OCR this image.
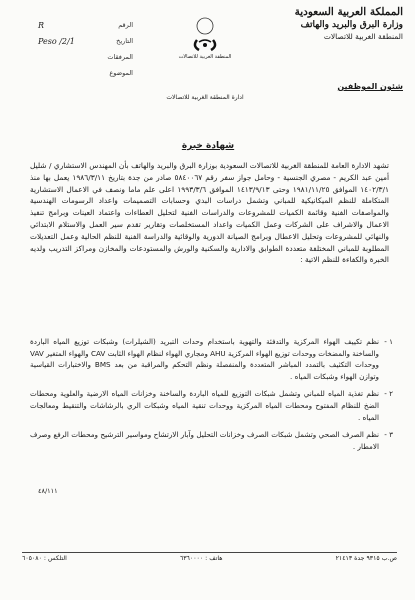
المملكة العربية السعودية
وزارة البرق والبريد والهاتف
المنطقة الغربية للاتصالات
شئون الموظفين
المنطقة الغربية للاتصالات
الرقم
R
التاريخ
Peso /2/1
المرفقات
الموضوع
ادارة المنطقة الغربية للاتصالات
شهادة خبرة

تشهد الادارة العامة للمنطقة الغربية للاتصالات السعودية بوزارة البرق والبريد والهاتف بأن المهندس الاستشاري / شليل أمين عبد الكريم - مصري الجنسية - وحامل جواز سفر رقم ٥٨٤٠٠٦٧ صادر من جدة بتاريخ ١٩٨٦/٣/١١ يعمل بها منذ ١٤٠٢/٣/١ الموافق ١٩٨١/١١/٢٥ وحتى ١٤١٣/٩/١٣ الموافق ١٩٩٣/٣/٦ اعلى علم ماما ونصف في الاعمال الاستشارية المتكاملة للنظم الميكانيكية للمباني وتشمل دراسات البدي وحسابات التصميمات واعداد الرسومات الهندسية والمواصفات الفنية وقائمة الكميات للمشروعات والدراسات الفنية لتحليل العطاءات واعتماد العينات وبرامج تنفيذ الاعمال والاشراف على الشركات وعمل الكميات واعداد المستخلصات وتقارير تقدم سير العمل والاستلام الابتدائي والنهائي للمشروعات وتحليل الاعطال وبرامج الصيانة الدورية والوقائية والدراسة الفنية للنظم الحالية وعمل التعديلات المطلوبة للمباني المختلفة متعددة الطوابق والادارية والسكنية والورش والمستودعات والمخازن ومراكز التدريب ولديه الخبرة والكفاءة للنظم الاتية :

١ -
نظم تكييف الهواء المركزية والتدفئة والتهوية باستخدام وحدات التبريد (الشيلرات) وشبكات توزيع المياه الباردة والساخنة والمضخات ووحدات توزيع الهواء المركزية AHU ومجاري الهواء لنظام الهواء الثابت CAV والهواء المتغير VAV ووحدات التكثيف بالتمدد المباشر المتعددة والمنفصلة ونظم التحكم والمراقبة من بعد BMS والاختبارات القياسية وتوازن الهواء وشبكات المياه .
٢ -
نظم تغذية المياه للمباني وتشمل شبكات التوزيع للمياه الباردة والساخنة وخزانات المياه الارضية والعلوية ومحطات الضخ للنظام المفتوح ومحطات المياه المركزية ووحدات تنقية المياه وشبكات الري بالرشاشات والتنقيط ومعالجات المياه .
٣ -
نظم الصرف الصحي وتشمل شبكات الصرف وخزانات التحليل وآبار الارتشاح ومواسير الترشيح ومحطات الرفع وصرف الامطار .
٤٨/١١١
ص.ب ٩٣١٥ جدة ٢١٤١٣
هاتف : ٦٣٦٠٠٠٠
التلكس : ٦٠٥٠٨٠
